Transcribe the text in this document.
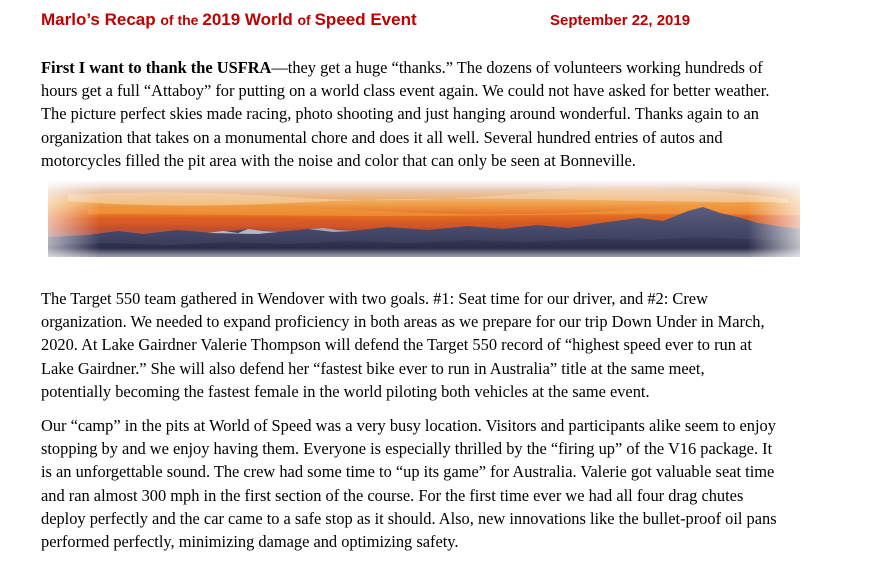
Marlo’s Recap of the 2019 World of Speed Event	September 22, 2019
First I want to thank the USFRA—they get a huge “thanks.” The dozens of volunteers working hundreds of
hours get a full “Attaboy” for putting on a world class event again. We could not have asked for better weather.
The picture perfect skies made racing, photo shooting and just hanging around wonderful. Thanks again to an
organization that takes on a monumental chore and does it all well. Several hundred entries of autos and
motorcycles filled the pit area with the noise and color that can only be seen at Bonneville.
The Target 550 team gathered in Wendover with two goals. #1: Seat time for our driver, and #2: Crew
organization. We needed to expand proficiency in both areas as we prepare for our trip Down Under in March,
2020. At Lake Gairdner Valerie Thompson will defend the Target 550 record of “highest speed ever to run at
Lake Gairdner.” She will also defend her “fastest bike ever to run in Australia” title at the same meet,
potentially becoming the fastest female in the world piloting both vehicles at the same event.
Our “camp” in the pits at World of Speed was a very busy location. Visitors and participants alike seem to enjoy
stopping by and we enjoy having them. Everyone is especially thrilled by the “firing up” of the V16 package. It
is an unforgettable sound. The crew had some time to “up its game” for Australia. Valerie got valuable seat time
and ran almost 300 mph in the first section of the course. For the first time ever we had all four drag chutes
deploy perfectly and the car came to a safe stop as it should. Also, new innovations like the bullet-proof oil pans
performed perfectly, minimizing damage and optimizing safety.
